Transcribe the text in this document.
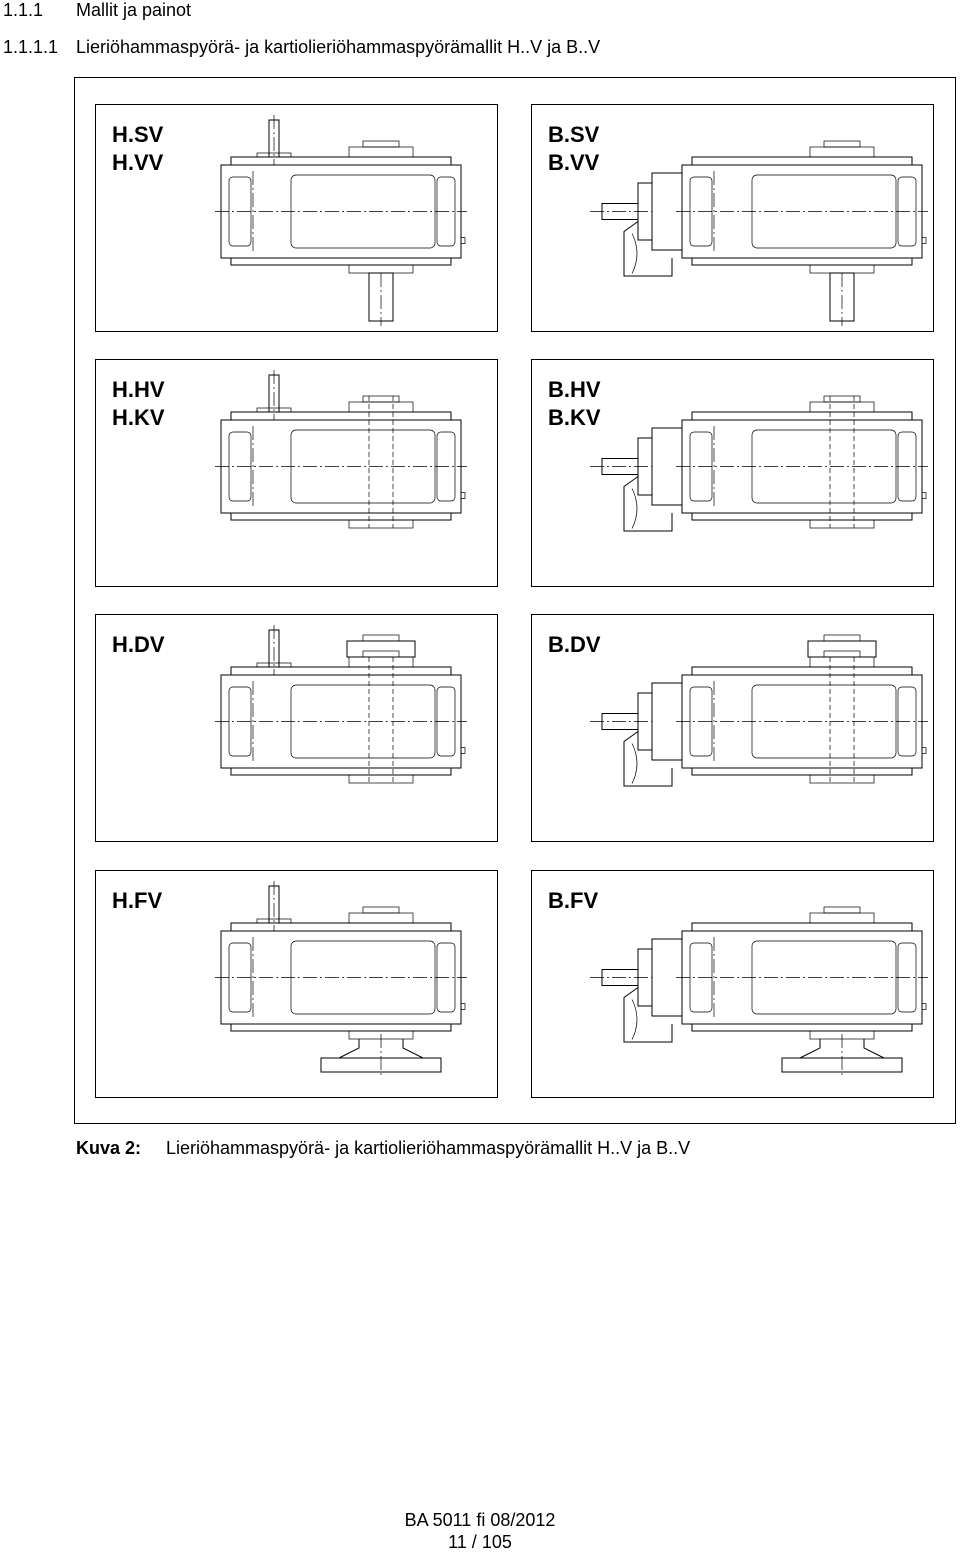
1.1.1 Mallit ja painot
1.1.1.1 Lieriöhammaspyörä- ja kartiolieriöhammaspyörämallit H..V ja B..V
H.SV
H.VV
B.SV
B.VV
H.HV
H.KV
B.HV
B.KV
H.DV	B.DV
H.FV	B.FV
Kuva 2: Lieriöhammaspyörä- ja kartiolieriöhammaspyörämallit H..V ja B..V
BA 5011 fi 08/2012
11 / 105
